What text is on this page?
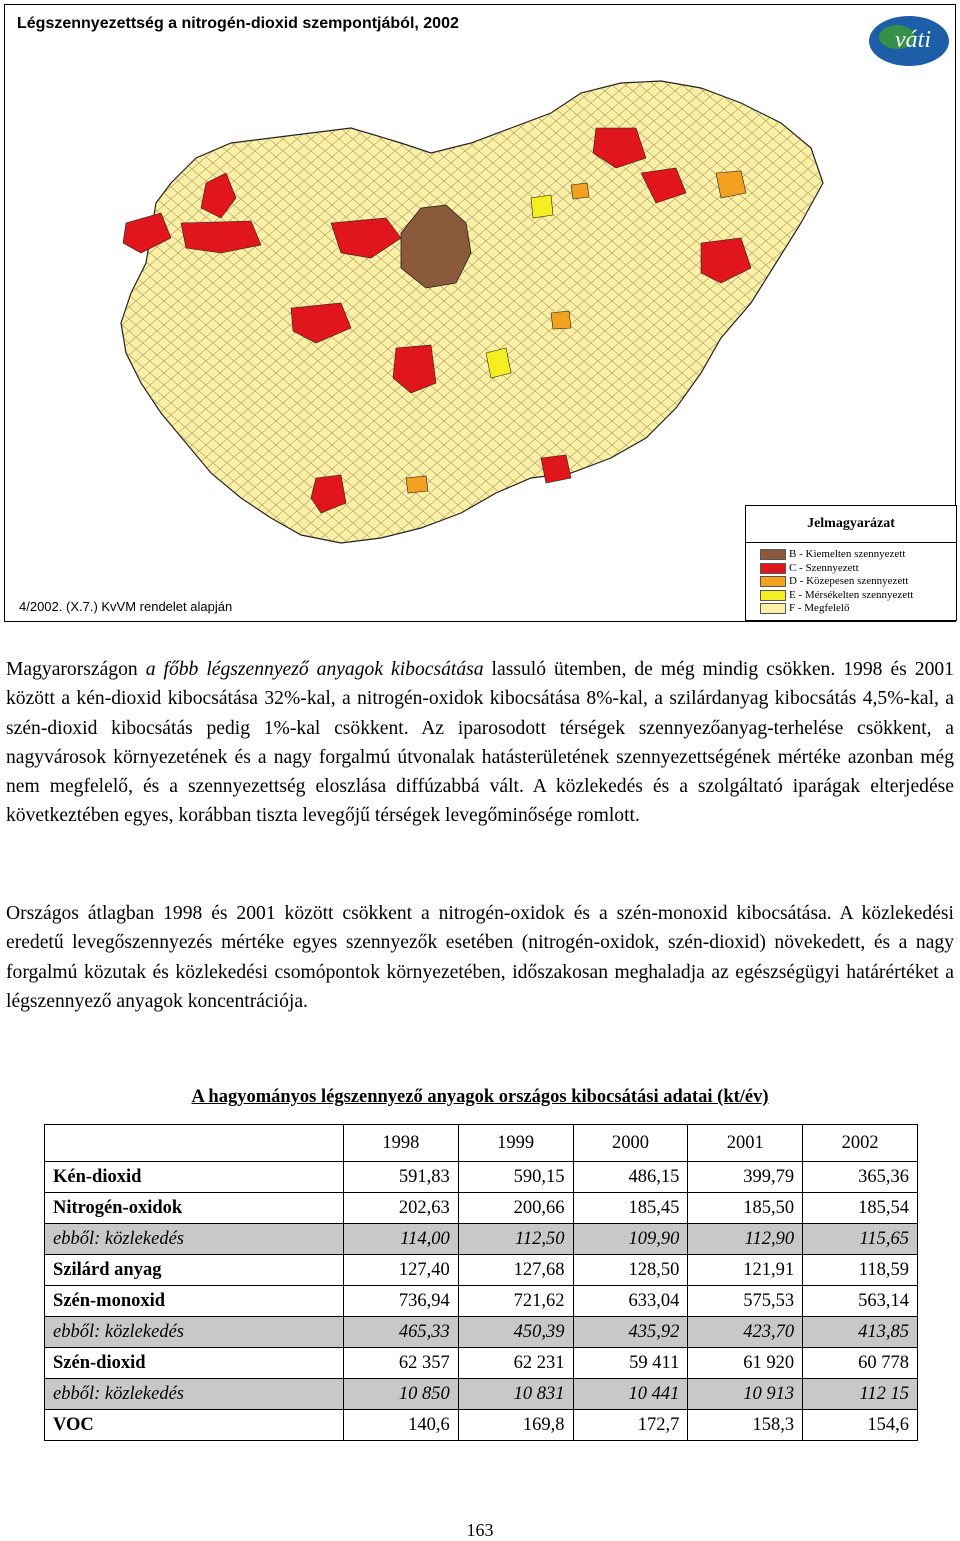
Légszennyezettség a nitrogén-dioxid szempontjából, 2002
váti
4/2002. (X.7.) KvVM rendelet alapján
Jelmagyarázat
B - Kiemelten szennyezett
C - Szennyezett
D - Közepesen szennyezett
E - Mérsékelten szennyezett
F - Megfelelő

Magyarországon a főbb légszennyező anyagok kibocsátása lassuló ütemben, de még mindig csökken. 1998 és 2001 között a kén-dioxid kibocsátása 32%-kal, a nitrogén-oxidok kibocsátása 8%-kal, a szilárdanyag kibocsátás 4,5%-kal, a szén-dioxid kibocsátás pedig 1%-kal csökkent. Az iparosodott térségek szennyezőanyag-terhelése csökkent, a nagyvárosok környezetének és a nagy forgalmú útvonalak hatásterületének szennyezettségének mértéke azonban még nem megfelelő, és a szennyezettség eloszlása diffúzabbá vált. A közlekedés és a szolgáltató iparágak elterjedése következtében egyes, korábban tiszta levegőjű térségek levegőminősége romlott.

Országos átlagban 1998 és 2001 között csökkent a nitrogén-oxidok és a szén-monoxid kibocsátása. A közlekedési eredetű levegőszennyezés mértéke egyes szennyezők esetében (nitrogén-oxidok, szén-dioxid) növekedett, és a nagy forgalmú közutak és közlekedési csomópontok környezetében, időszakosan meghaladja az egészségügyi határértéket a légszennyező anyagok koncentrációja.

A hagyományos légszennyező anyagok országos kibocsátási adatai (kt/év)
	1998	1999	2000	2001	2002
Kén-dioxid	591,83	590,15	486,15	399,79	365,36
Nitrogén-oxidok	202,63	200,66	185,45	185,50	185,54
ebből: közlekedés	114,00	112,50	109,90	112,90	115,65
Szilárd anyag	127,40	127,68	128,50	121,91	118,59
Szén-monoxid	736,94	721,62	633,04	575,53	563,14
ebből: közlekedés	465,33	450,39	435,92	423,70	413,85
Szén-dioxid	62 357	62 231	59 411	61 920	60 778
ebből: közlekedés	10 850	10 831	10 441	10 913	112 15
VOC	140,6	169,8	172,7	158,3	154,6
163
